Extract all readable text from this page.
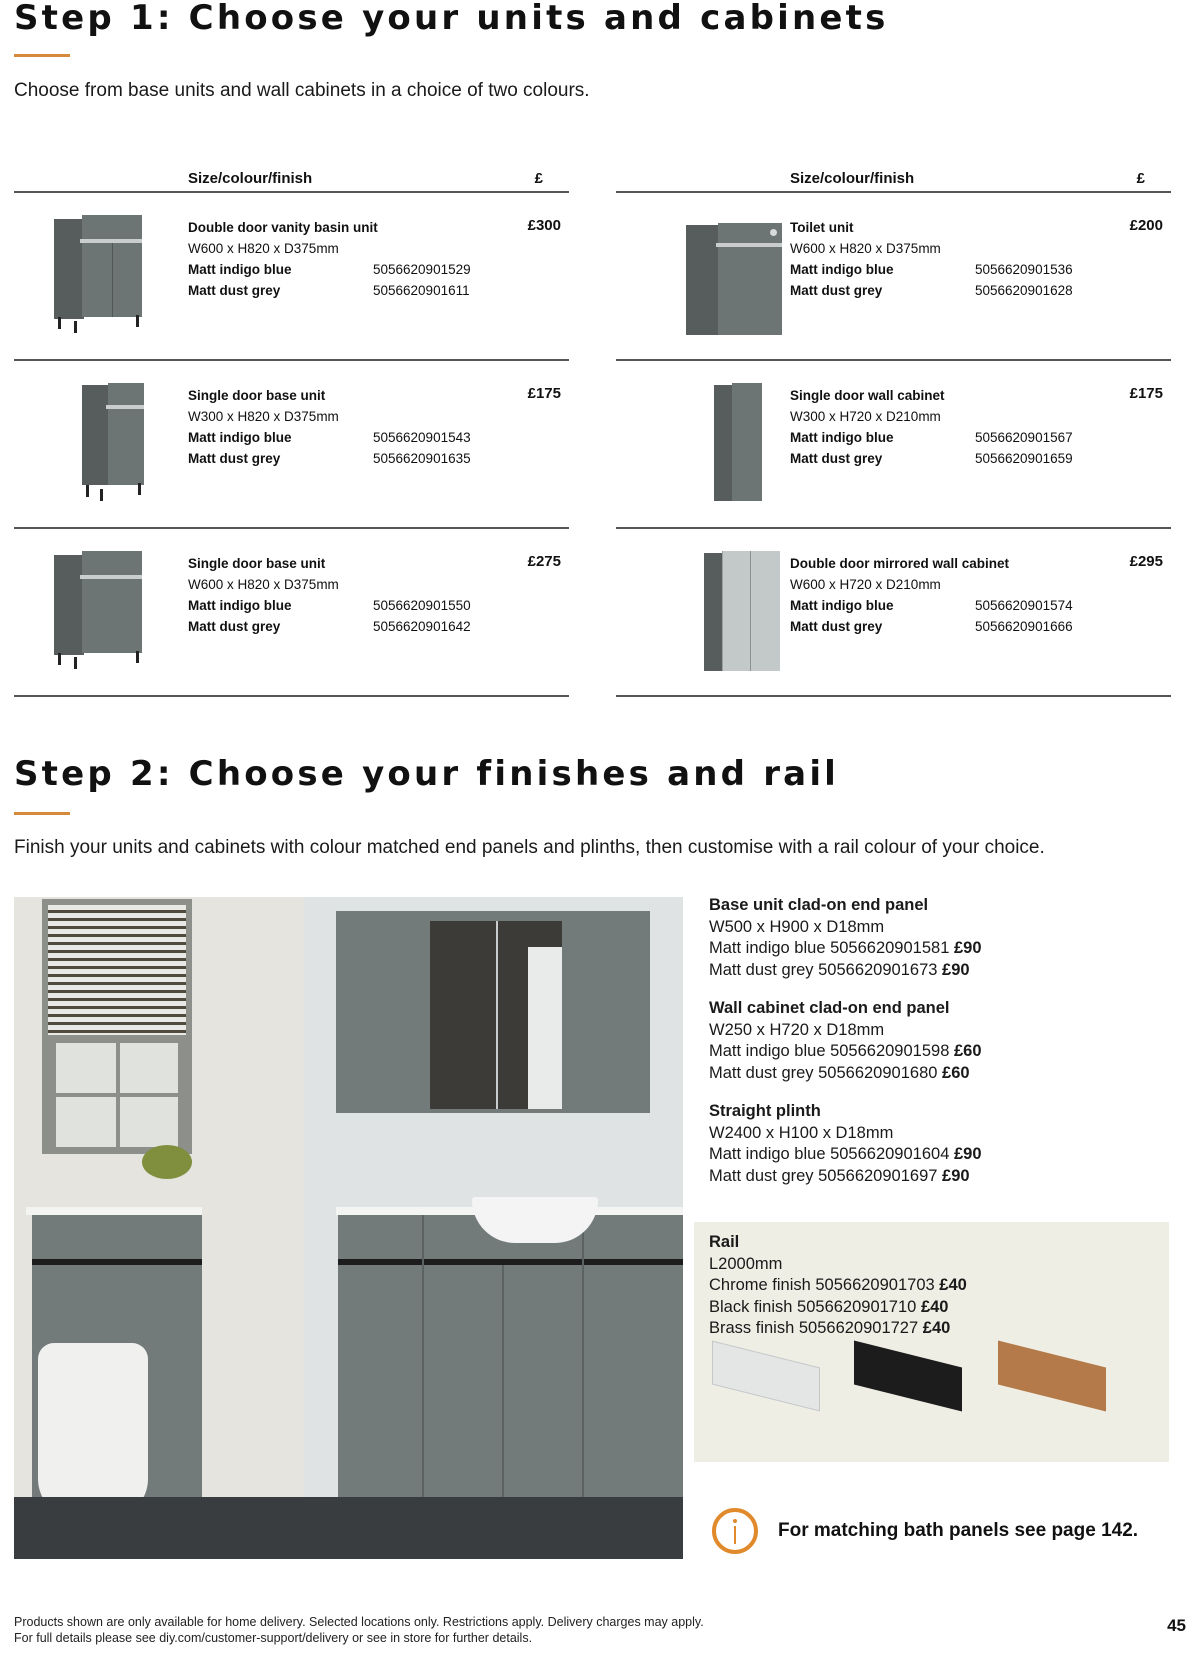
Step 1: Choose your units and cabinets
Choose from base units and wall cabinets in a choice of two colours.
Size/colour/finish	£
Double door vanity basin unit
W600 x H820 x D375mm
Matt indigo blue	5056620901529
Matt dust grey	5056620901611
£300
Single door base unit
W300 x H820 x D375mm
Matt indigo blue	5056620901543
Matt dust grey	5056620901635
£175
Single door base unit
W600 x H820 x D375mm
Matt indigo blue	5056620901550
Matt dust grey	5056620901642
£275
Size/colour/finish	£
Toilet unit
W600 x H820 x D375mm
Matt indigo blue	5056620901536
Matt dust grey	5056620901628
£200
Single door wall cabinet
W300 x H720 x D210mm
Matt indigo blue	5056620901567
Matt dust grey	5056620901659
£175
Double door mirrored wall cabinet
W600 x H720 x D210mm
Matt indigo blue	5056620901574
Matt dust grey	5056620901666
£295
Step 2: Choose your finishes and rail
Finish your units and cabinets with colour matched end panels and plinths, then customise with a rail colour of your choice.
Base unit clad-on end panel
W500 x H900 x D18mm
Matt indigo blue 5056620901581 £90
Matt dust grey 5056620901673 £90
Wall cabinet clad-on end panel
W250 x H720 x D18mm
Matt indigo blue 5056620901598 £60
Matt dust grey 5056620901680 £60
Straight plinth
W2400 x H100 x D18mm
Matt indigo blue 5056620901604 £90
Matt dust grey 5056620901697 £90
Rail
L2000mm
Chrome finish 5056620901703 £40
Black finish 5056620901710 £40
Brass finish 5056620901727 £40
For matching bath panels see page 142.
Products shown are only available for home delivery. Selected locations only. Restrictions apply. Delivery charges may apply.
For full details please see diy.com/customer-support/delivery or see in store for further details.
45
